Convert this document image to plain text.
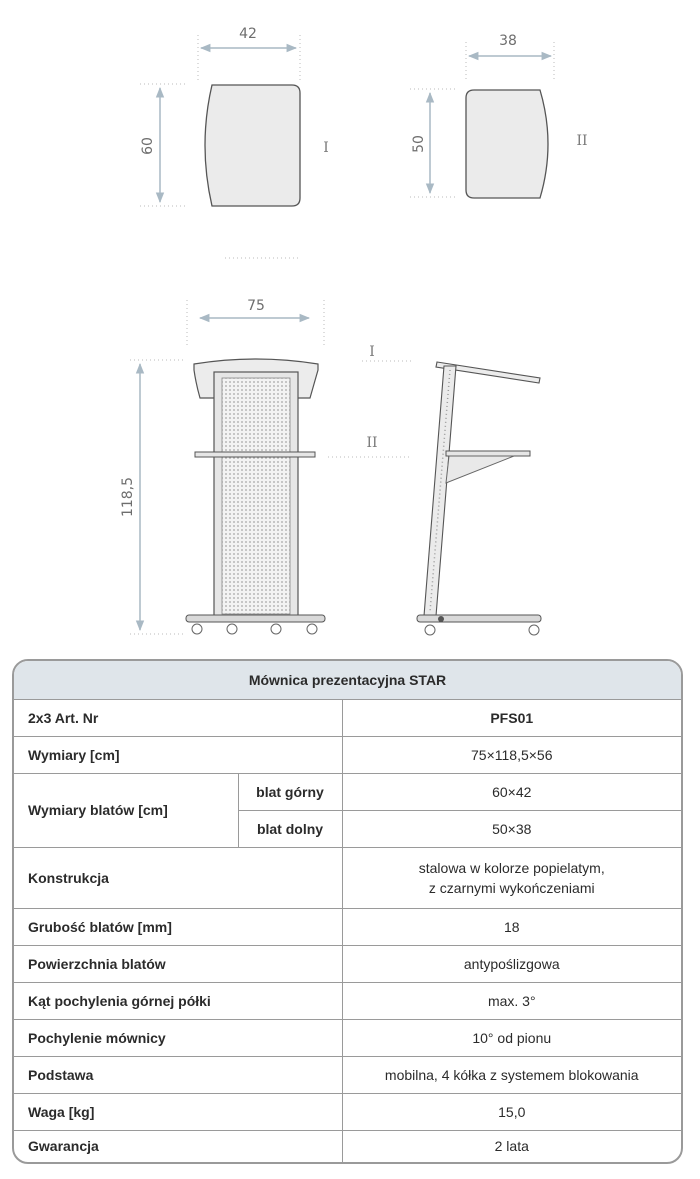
42
60	I
38
50	II
75
118,5
I
II
Mównica prezentacyjna STAR		
2x3 Art. Nr		PFS01
Wymiary [cm]		75×118,5×56
Wymiary blatów [cm]	blat górny	60×42
	blat dolny	50×38
Konstrukcja		stalowa w kolorze popielatym,
z czarnymi wykończeniami

Grubość blatów [mm]		18
Powierzchnia blatów		antypoślizgowa
Kąt pochylenia górnej półki		max. 3°
Pochylenie mównicy		10° od pionu
Podstawa		mobilna, 4 kółka z systemem blokowania
Waga [kg]		15,0
Gwarancja		2 lata
